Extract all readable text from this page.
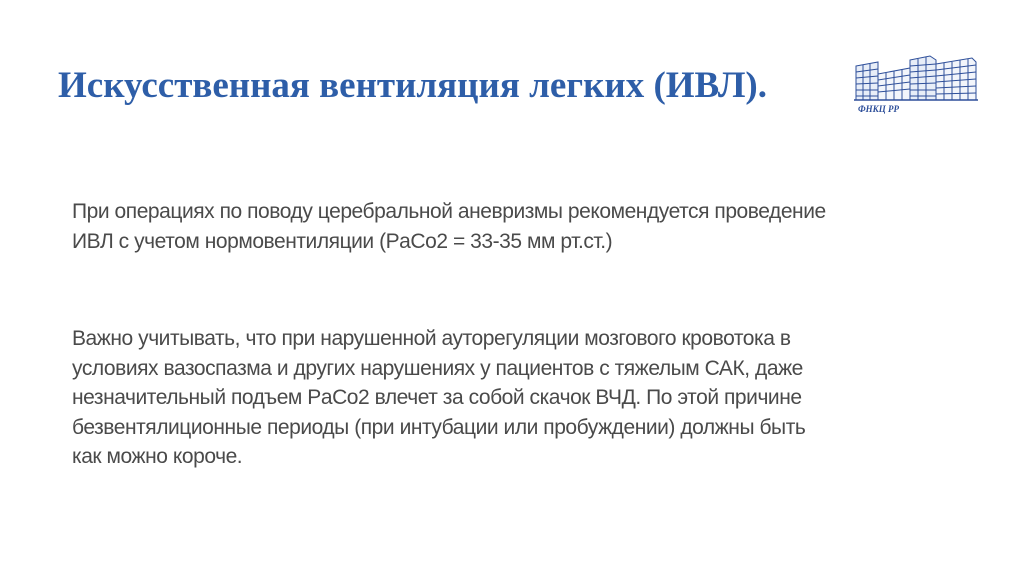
Искусственная вентиляция легких (ИВЛ).
ФНКЦ РР

При операциях по поводу церебральной аневризмы рекомендуется проведение
ИВЛ с учетом нормовентиляции (PaCo2 = 33-35 мм рт.ст.)

Важно учитывать, что при нарушенной ауторегуляции мозгового кровотока в
условиях вазоспазма и других нарушениях у пациентов с тяжелым САК, даже
незначительный подъем PaCo2 влечет за собой скачок ВЧД. По этой причине
безвентялиционные периоды (при интубации или пробуждении) должны быть
как можно короче.
